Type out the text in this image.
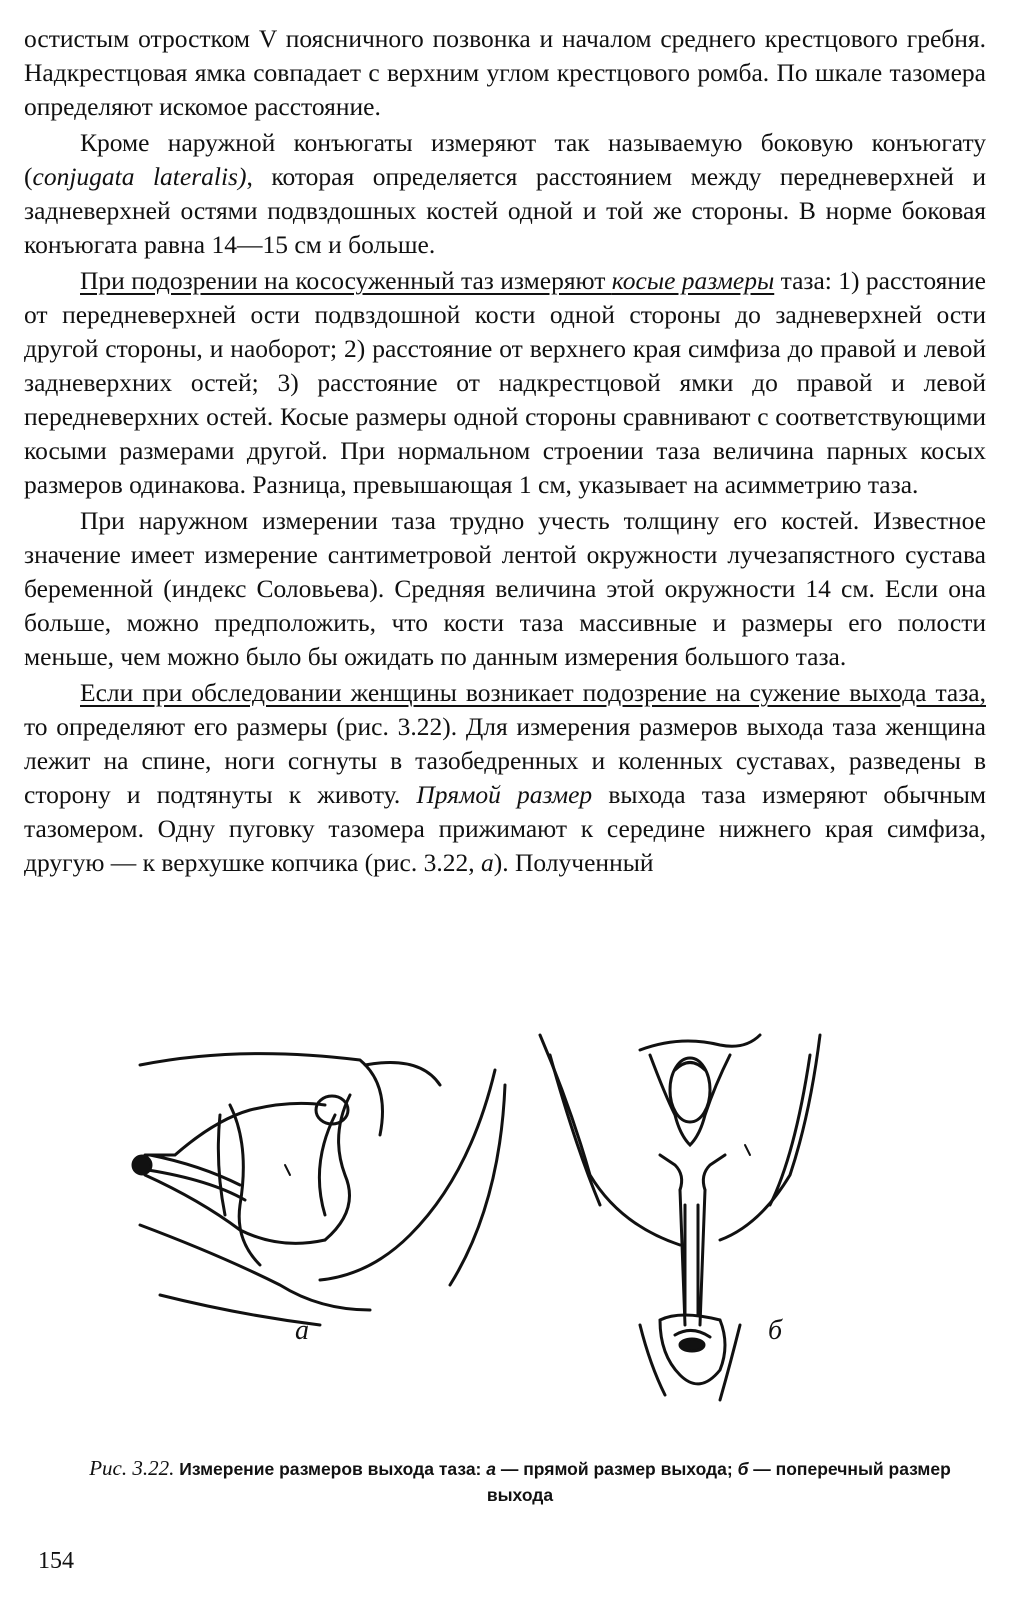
остистым отростком V поясничного позвонка и началом среднего крестцового гребня. Надкрестцовая ямка совпадает с верхним углом крестцового ромба. По шкале тазомера определяют искомое расстояние.

Кроме наружной конъюгаты измеряют так называемую боковую конъюгату (conjugata lateralis), которая определяется расстоянием между передневерхней и задневерхней остями подвздошных костей одной и той же стороны. В норме боковая конъюгата равна 14—15 см и больше.

При подозрении на кососуженный таз измеряют косые размеры таза: 1) расстояние от передневерхней ости подвздошной кости одной стороны до задневерхней ости другой стороны, и наоборот; 2) расстояние от верхнего края симфиза до правой и левой задневерхних остей; 3) расстояние от надкрестцовой ямки до правой и левой передневерхних остей. Косые размеры одной стороны сравнивают с соответствующими косыми размерами другой. При нормальном строении таза величина парных косых размеров одинакова. Разница, превышающая 1 см, указывает на асимметрию таза.

При наружном измерении таза трудно учесть толщину его костей. Известное значение имеет измерение сантиметровой лентой окружности лучезапястного сустава беременной (индекс Соловьева). Средняя величина этой окружности 14 см. Если она больше, можно предположить, что кости таза массивные и размеры его полости меньше, чем можно было бы ожидать по данным измерения большого таза.

Если при обследовании женщины возникает подозрение на сужение выхода таза, то определяют его размеры (рис. 3.22). Для измерения размеров выхода таза женщина лежит на спине, ноги согнуты в тазобедренных и коленных суставах, разведены в сторону и подтянуты к животу. Прямой размер выхода таза измеряют обычным тазомером. Одну пуговку тазомера прижимают к середине нижнего края симфиза, другую — к верхушке копчика (рис. 3.22, а). Полученный

а	б
Рис. 3.22. Измерение размеров выхода таза: а — прямой размер выхода; б — поперечный размер выхода
154
